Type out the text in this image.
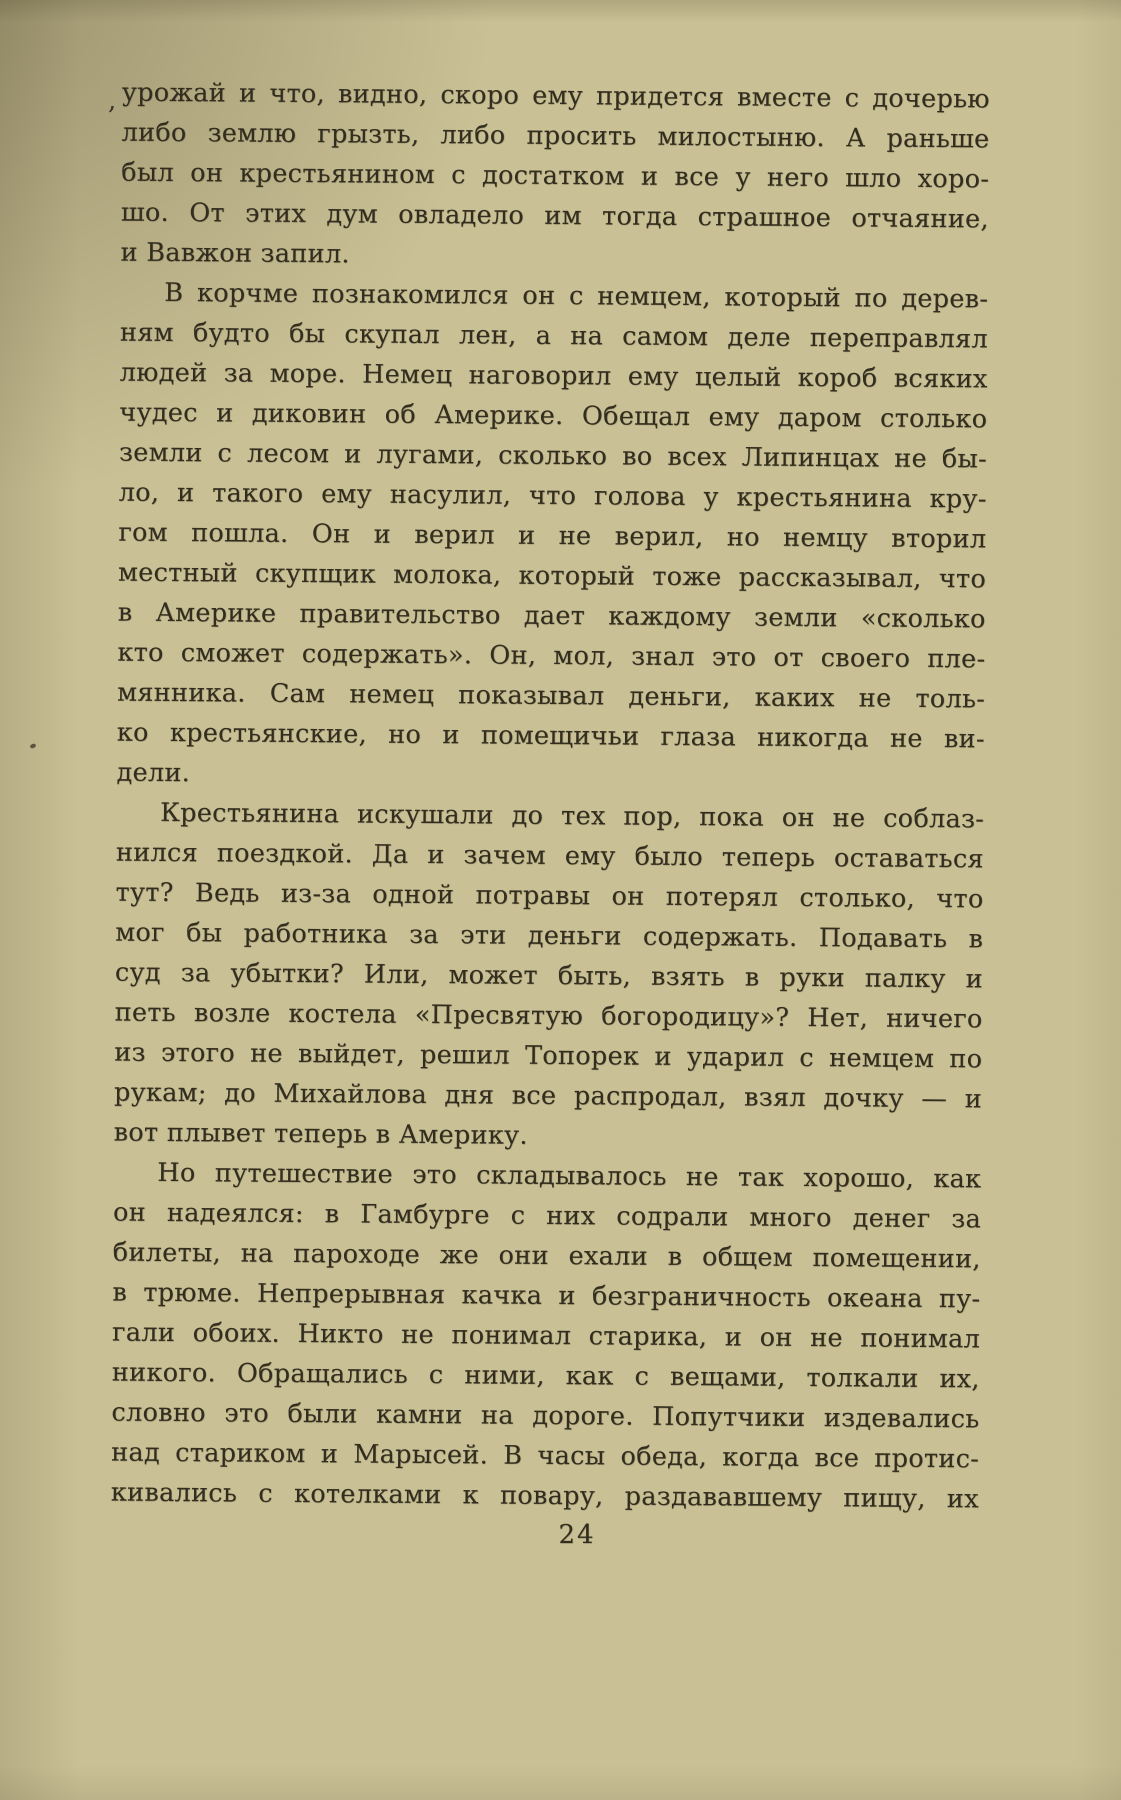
, урожай и что, видно, скоро ему придется вместе с дочерью
либо землю грызть, либо просить милостыню. А раньше
был он крестьянином с достатком и все у него шло хоро-
шо. От этих дум овладело им тогда страшное отчаяние,
и Вавжон запил.
В корчме познакомился он с немцем, который по дерев-
ням будто бы скупал лен, а на самом деле переправлял
людей за море. Немец наговорил ему целый короб всяких
чудес и диковин об Америке. Обещал ему даром столько
земли с лесом и лугами, сколько во всех Липинцах не бы-
ло, и такого ему насулил, что голова у крестьянина кру-
гом пошла. Он и верил и не верил, но немцу вторил
местный скупщик молока, который тоже рассказывал, что
в Америке правительство дает каждому земли «сколько
кто сможет содержать». Он, мол, знал это от своего пле-
мянника. Сам немец показывал деньги, каких не толь-
ко крестьянские, но и помещичьи глаза никогда не ви-
дели.
Крестьянина искушали до тех пор, пока он не соблаз-
нился поездкой. Да и зачем ему было теперь оставаться
тут? Ведь из-за одной потравы он потерял столько, что
мог бы работника за эти деньги содержать. Подавать в
суд за убытки? Или, может быть, взять в руки палку и
петь возле костела «Пресвятую богородицу»? Нет, ничего
из этого не выйдет, решил Топорек и ударил с немцем по
рукам; до Михайлова дня все распродал, взял дочку — и
вот плывет теперь в Америку.
Но путешествие это складывалось не так хорошо, как
он надеялся: в Гамбурге с них содрали много денег за
билеты, на пароходе же они ехали в общем помещении,
в трюме. Непрерывная качка и безграничность океана пу-
гали обоих. Никто не понимал старика, и он не понимал
никого. Обращались с ними, как с вещами, толкали их,
словно это были камни на дороге. Попутчики издевались
над стариком и Марысей. В часы обеда, когда все протис-
кивались с котелками к повару, раздававшему пищу, их
24
